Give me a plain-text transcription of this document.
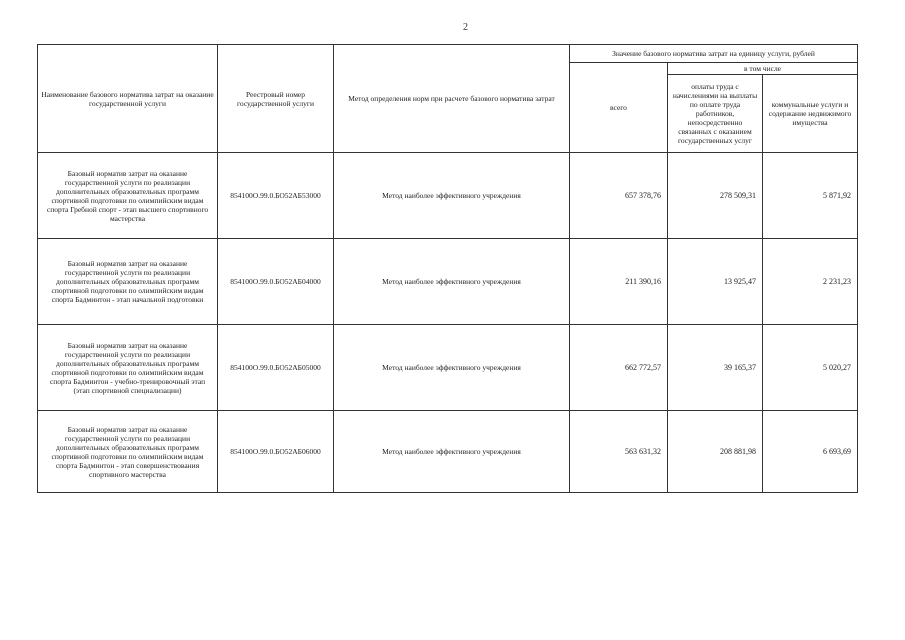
2
Наименование базового норматива затрат на оказание государственной услуги	Реестровый номер государственной услуги	Метод определения норм при расчете базового норматива затрат	Значение базового норматива затрат на единицу услуги, рублей		
			всего	в том числе	
				оплаты труда с начислениями на выплаты по оплате труда работников, непосредственно связанных с оказанием государственных услуг	коммунальные услуги и содержание недвижимого имущества
Базовый норматив затрат на оказание государственной услуги по реализации дополнительных образовательных программ спортивной подготовки по олимпийским видам спорта Гребной спорт - этап высшего спортивного мастерства	854100О.99.0.БО52АБ53000	Метод наиболее эффективного учреждения	657 378,76	278 509,31	5 871,92
Базовый норматив затрат на оказание государственной услуги по реализации дополнительных образовательных программ спортивной подготовки по олимпийским видам спорта Бадминтон - этап начальной подготовки	854100О.99.0.БО52АБ04000	Метод наиболее эффективного учреждения	211 390,16	13 925,47	2 231,23
Базовый норматив затрат на оказание государственной услуги по реализации дополнительных образовательных программ спортивной подготовки по олимпийским видам спорта Бадминтон - учебно-тренировочный этап (этап спортивной специализации)	854100О.99.0.БО52АБ05000	Метод наиболее эффективного учреждения	662 772,57	39 165,37	5 020,27
Базовый норматив затрат на оказание государственной услуги по реализации дополнительных образовательных программ спортивной подготовки по олимпийским видам спорта Бадминтон - этап совершенствования спортивного мастерства	854100О.99.0.БО52АБ06000	Метод наиболее эффективного учреждения	563 631,32	208 881,98	6 693,69
